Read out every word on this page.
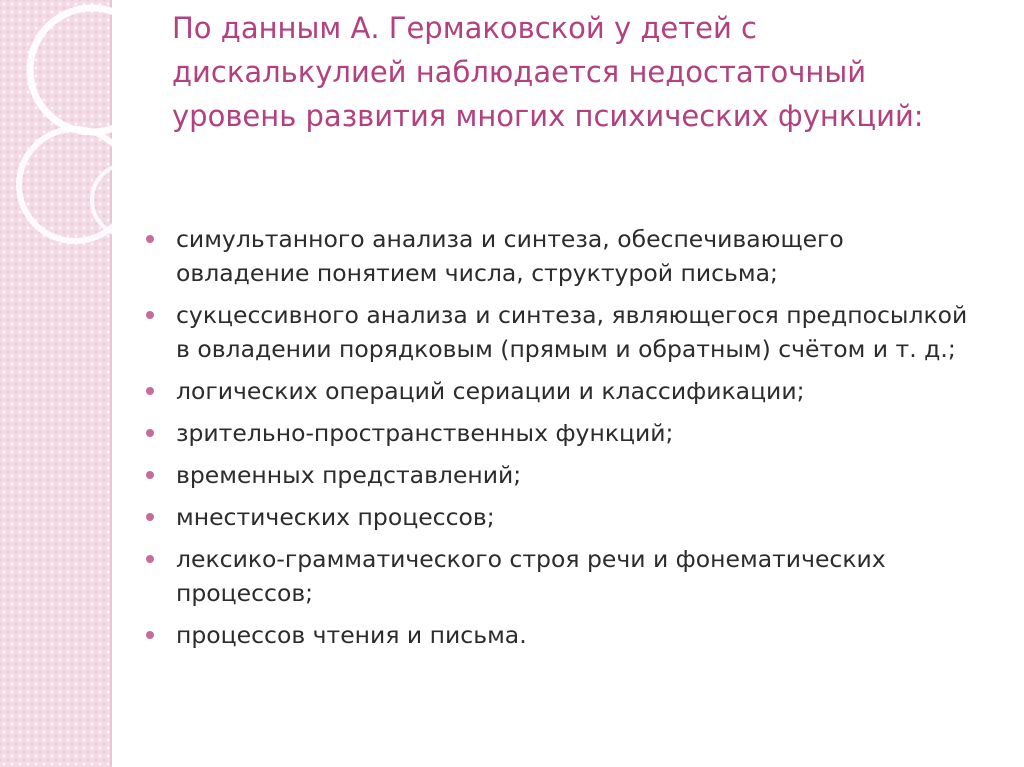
По данным А. Гермаковской у детей с дискалькулией наблюдается недостаточный уровень развития многих психических функций:
симультанного анализа и синтеза, обеспечивающего овладение понятием числа, структурой письма;
сукцессивного анализа и синтеза, являющегося предпосылкой в овладении порядковым (прямым и обратным) счётом и т. д.;
логических операций сериации и классификации;
зрительно-пространственных функций;
временных представлений;
мнестических процессов;
лексико-грамматического строя речи и фонематических процессов;
процессов чтения и письма.
